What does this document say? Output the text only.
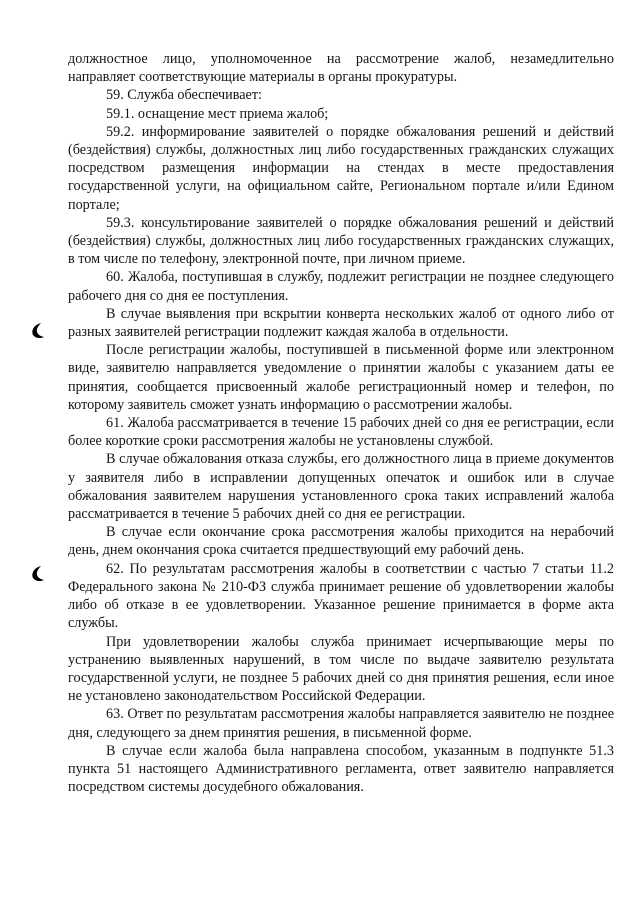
должностное лицо, уполномоченное на рассмотрение жалоб, незамедлительно направляет соответствующие материалы в органы прокуратуры.

59. Служба обеспечивает:

59.1. оснащение мест приема жалоб;

59.2. информирование заявителей о порядке обжалования решений и действий (бездействия) службы, должностных лиц либо государственных гражданских служащих посредством размещения информации на стендах в месте предоставления государственной услуги, на официальном сайте, Региональном портале и/или Едином портале;

59.3. консультирование заявителей о порядке обжалования решений и действий (бездействия) службы, должностных лиц либо государственных гражданских служащих, в том числе по телефону, электронной почте, при личном приеме.

60. Жалоба, поступившая в службу, подлежит регистрации не позднее следующего рабочего дня со дня ее поступления.

В случае выявления при вскрытии конверта нескольких жалоб от одного либо от разных заявителей регистрации подлежит каждая жалоба в отдельности.

После регистрации жалобы, поступившей в письменной форме или электронном виде, заявителю направляется уведомление о принятии жалобы с указанием даты ее принятия, сообщается присвоенный жалобе регистрационный номер и телефон, по которому заявитель сможет узнать информацию о рассмотрении жалобы.

61. Жалоба рассматривается в течение 15 рабочих дней со дня ее регистрации, если более короткие сроки рассмотрения жалобы не установлены службой.

В случае обжалования отказа службы, его должностного лица в приеме документов у заявителя либо в исправлении допущенных опечаток и ошибок или в случае обжалования заявителем нарушения установленного срока таких исправлений жалоба рассматривается в течение 5 рабочих дней со дня ее регистрации.

В случае если окончание срока рассмотрения жалобы приходится на нерабочий день, днем окончания срока считается предшествующий ему рабочий день.

62. По результатам рассмотрения жалобы в соответствии с частью 7 статьи 11.2 Федерального закона № 210-ФЗ служба принимает решение об удовлетворении жалобы либо об отказе в ее удовлетворении. Указанное решение принимается в форме акта службы.

При удовлетворении жалобы служба принимает исчерпывающие меры по устранению выявленных нарушений, в том числе по выдаче заявителю результата государственной услуги, не позднее 5 рабочих дней со дня принятия решения, если иное не установлено законодательством Российской Федерации.

63. Ответ по результатам рассмотрения жалобы направляется заявителю не позднее дня, следующего за днем принятия решения, в письменной форме.

В случае если жалоба была направлена способом, указанным в подпункте 51.3 пункта 51 настоящего Административного регламента, ответ заявителю направляется посредством системы досудебного обжалования.
